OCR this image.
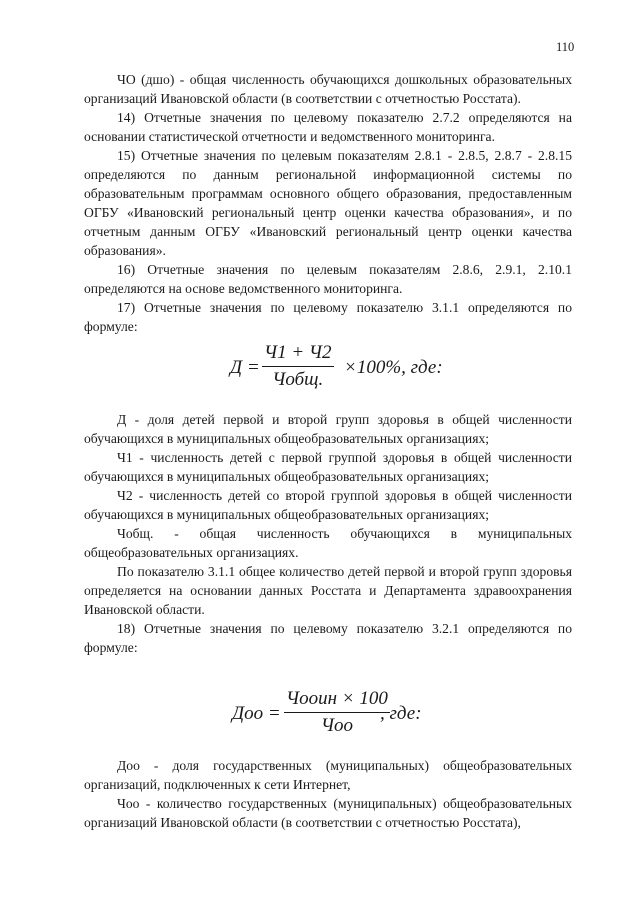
110

ЧО (дшо) - общая численность обучающихся дошкольных образовательных организаций Ивановской области (в соответствии с отчетностью Росстата).

14) Отчетные значения по целевому показателю 2.7.2 определяются на основании статистической отчетности и ведомственного мониторинга.

15) Отчетные значения по целевым показателям 2.8.1 - 2.8.5, 2.8.7 - 2.8.15 определяются по данным региональной информационной системы по образовательным программам основного общего образования, предоставленным ОГБУ «Ивановский региональный центр оценки качества образования», и по отчетным данным ОГБУ «Ивановский региональный центр оценки качества образования».

16) Отчетные значения по целевым показателям 2.8.6, 2.9.1, 2.10.1 определяются на основе ведомственного мониторинга.

17) Отчетные значения по целевому показателю 3.1.1 определяются по формуле:

Д =
Ч1 + Ч2
Чобщ.
×100%, где:

Д - доля детей первой и второй групп здоровья в общей численности обучающихся в муниципальных общеобразовательных организациях;

Ч1 - численность детей с первой группой здоровья в общей численности обучающихся в муниципальных общеобразовательных организациях;

Ч2 - численность детей со второй группой здоровья в общей численности обучающихся в муниципальных общеобразовательных организациях;

Чобщ. - общая численность обучающихся в муниципальных общеобразовательных организациях.

По показателю 3.1.1 общее количество детей первой и второй групп здоровья определяется на основании данных Росстата и Департамента здравоохранения Ивановской области.

18) Отчетные значения по целевому показателю 3.2.1 определяются по формуле:

Доо =
Чоoин × 100
Чоо
, где:

Доо - доля государственных (муниципальных) общеобразовательных организаций, подключенных к сети Интернет,

Чоо - количество государственных (муниципальных) общеобразовательных организаций Ивановской области (в соответствии с отчетностью Росстата),
